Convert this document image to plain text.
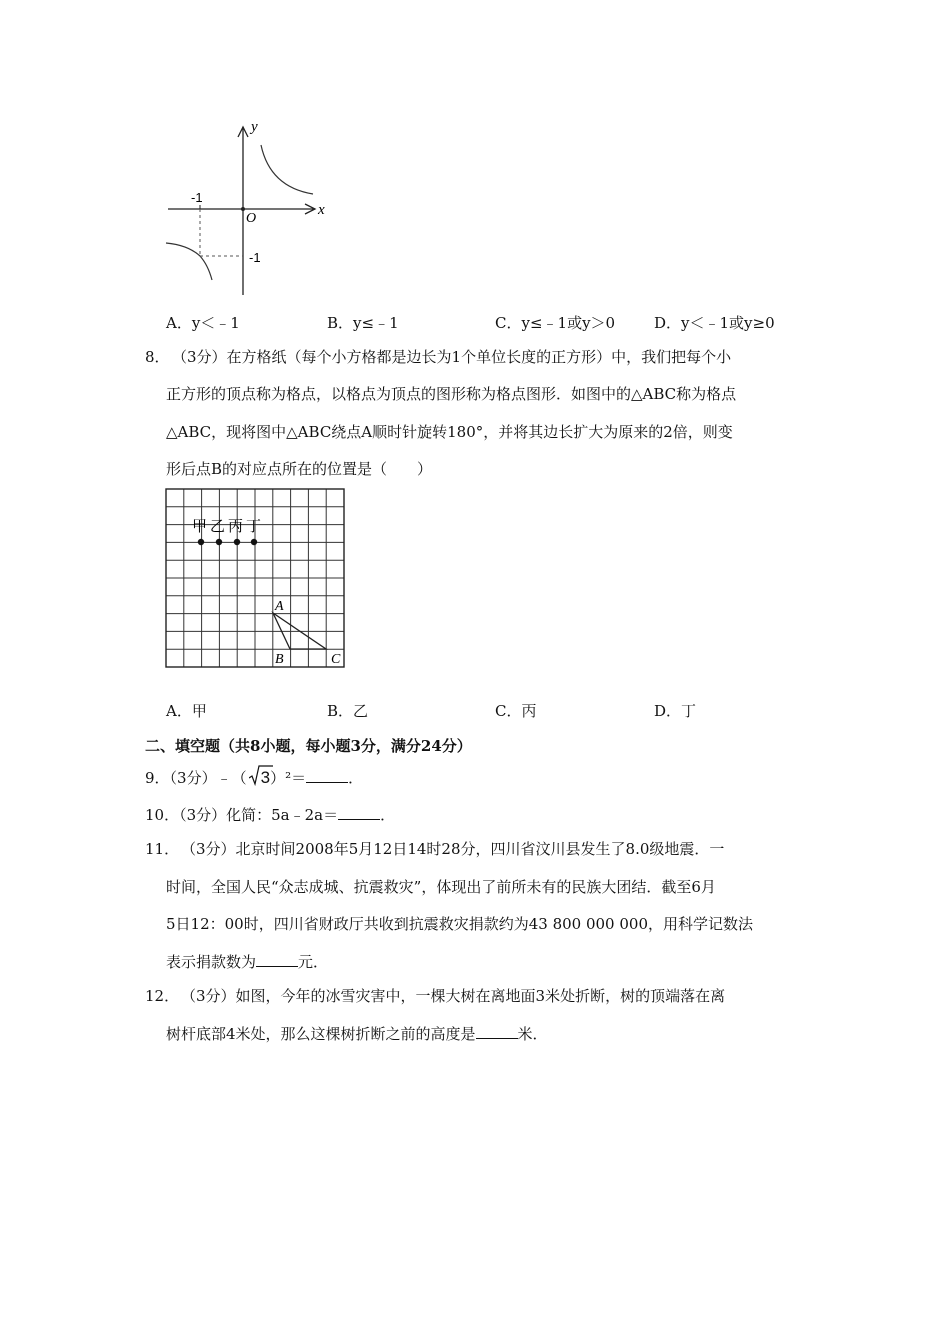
y
x
O
-1
-1
A．y＜﹣1	B．y≤﹣1	C．y≤﹣1或y＞0	D．y＜﹣1或y≥0
8． （3分）在方格纸（每个小方格都是边长为1个单位长度的正方形）中，我们把每个小
正方形的顶点称为格点，以格点为顶点的图形称为格点图形．如图中的△ABC称为格点
△ABC，现将图中△ABC绕点A顺时针旋转180°，并将其边长扩大为原来的2倍，则变
形后点B的对应点所在的位置是（　　）
甲 乙 丙 丁
A
B	C
A．甲	B．乙	C．丙	D．丁
二、填空题（共8小题，每小题3分，满分24分）
9．（3分）﹣（ 3）²＝	．
10．（3分）化简：5a﹣2a＝	．
11． （3分）北京时间2008年5月12日14时28分，四川省汶川县发生了8.0级地震．一
时间，全国人民“众志成城、抗震救灾”，体现出了前所未有的民族大团结．截至6月
5日12：00时，四川省财政厅共收到抗震救灾捐款约为43 800 000 000，用科学记数法
表示捐款数为	元．
12． （3分）如图，今年的冰雪灾害中，一棵大树在离地面3米处折断，树的顶端落在离
树杆底部4米处，那么这棵树折断之前的高度是	米．
